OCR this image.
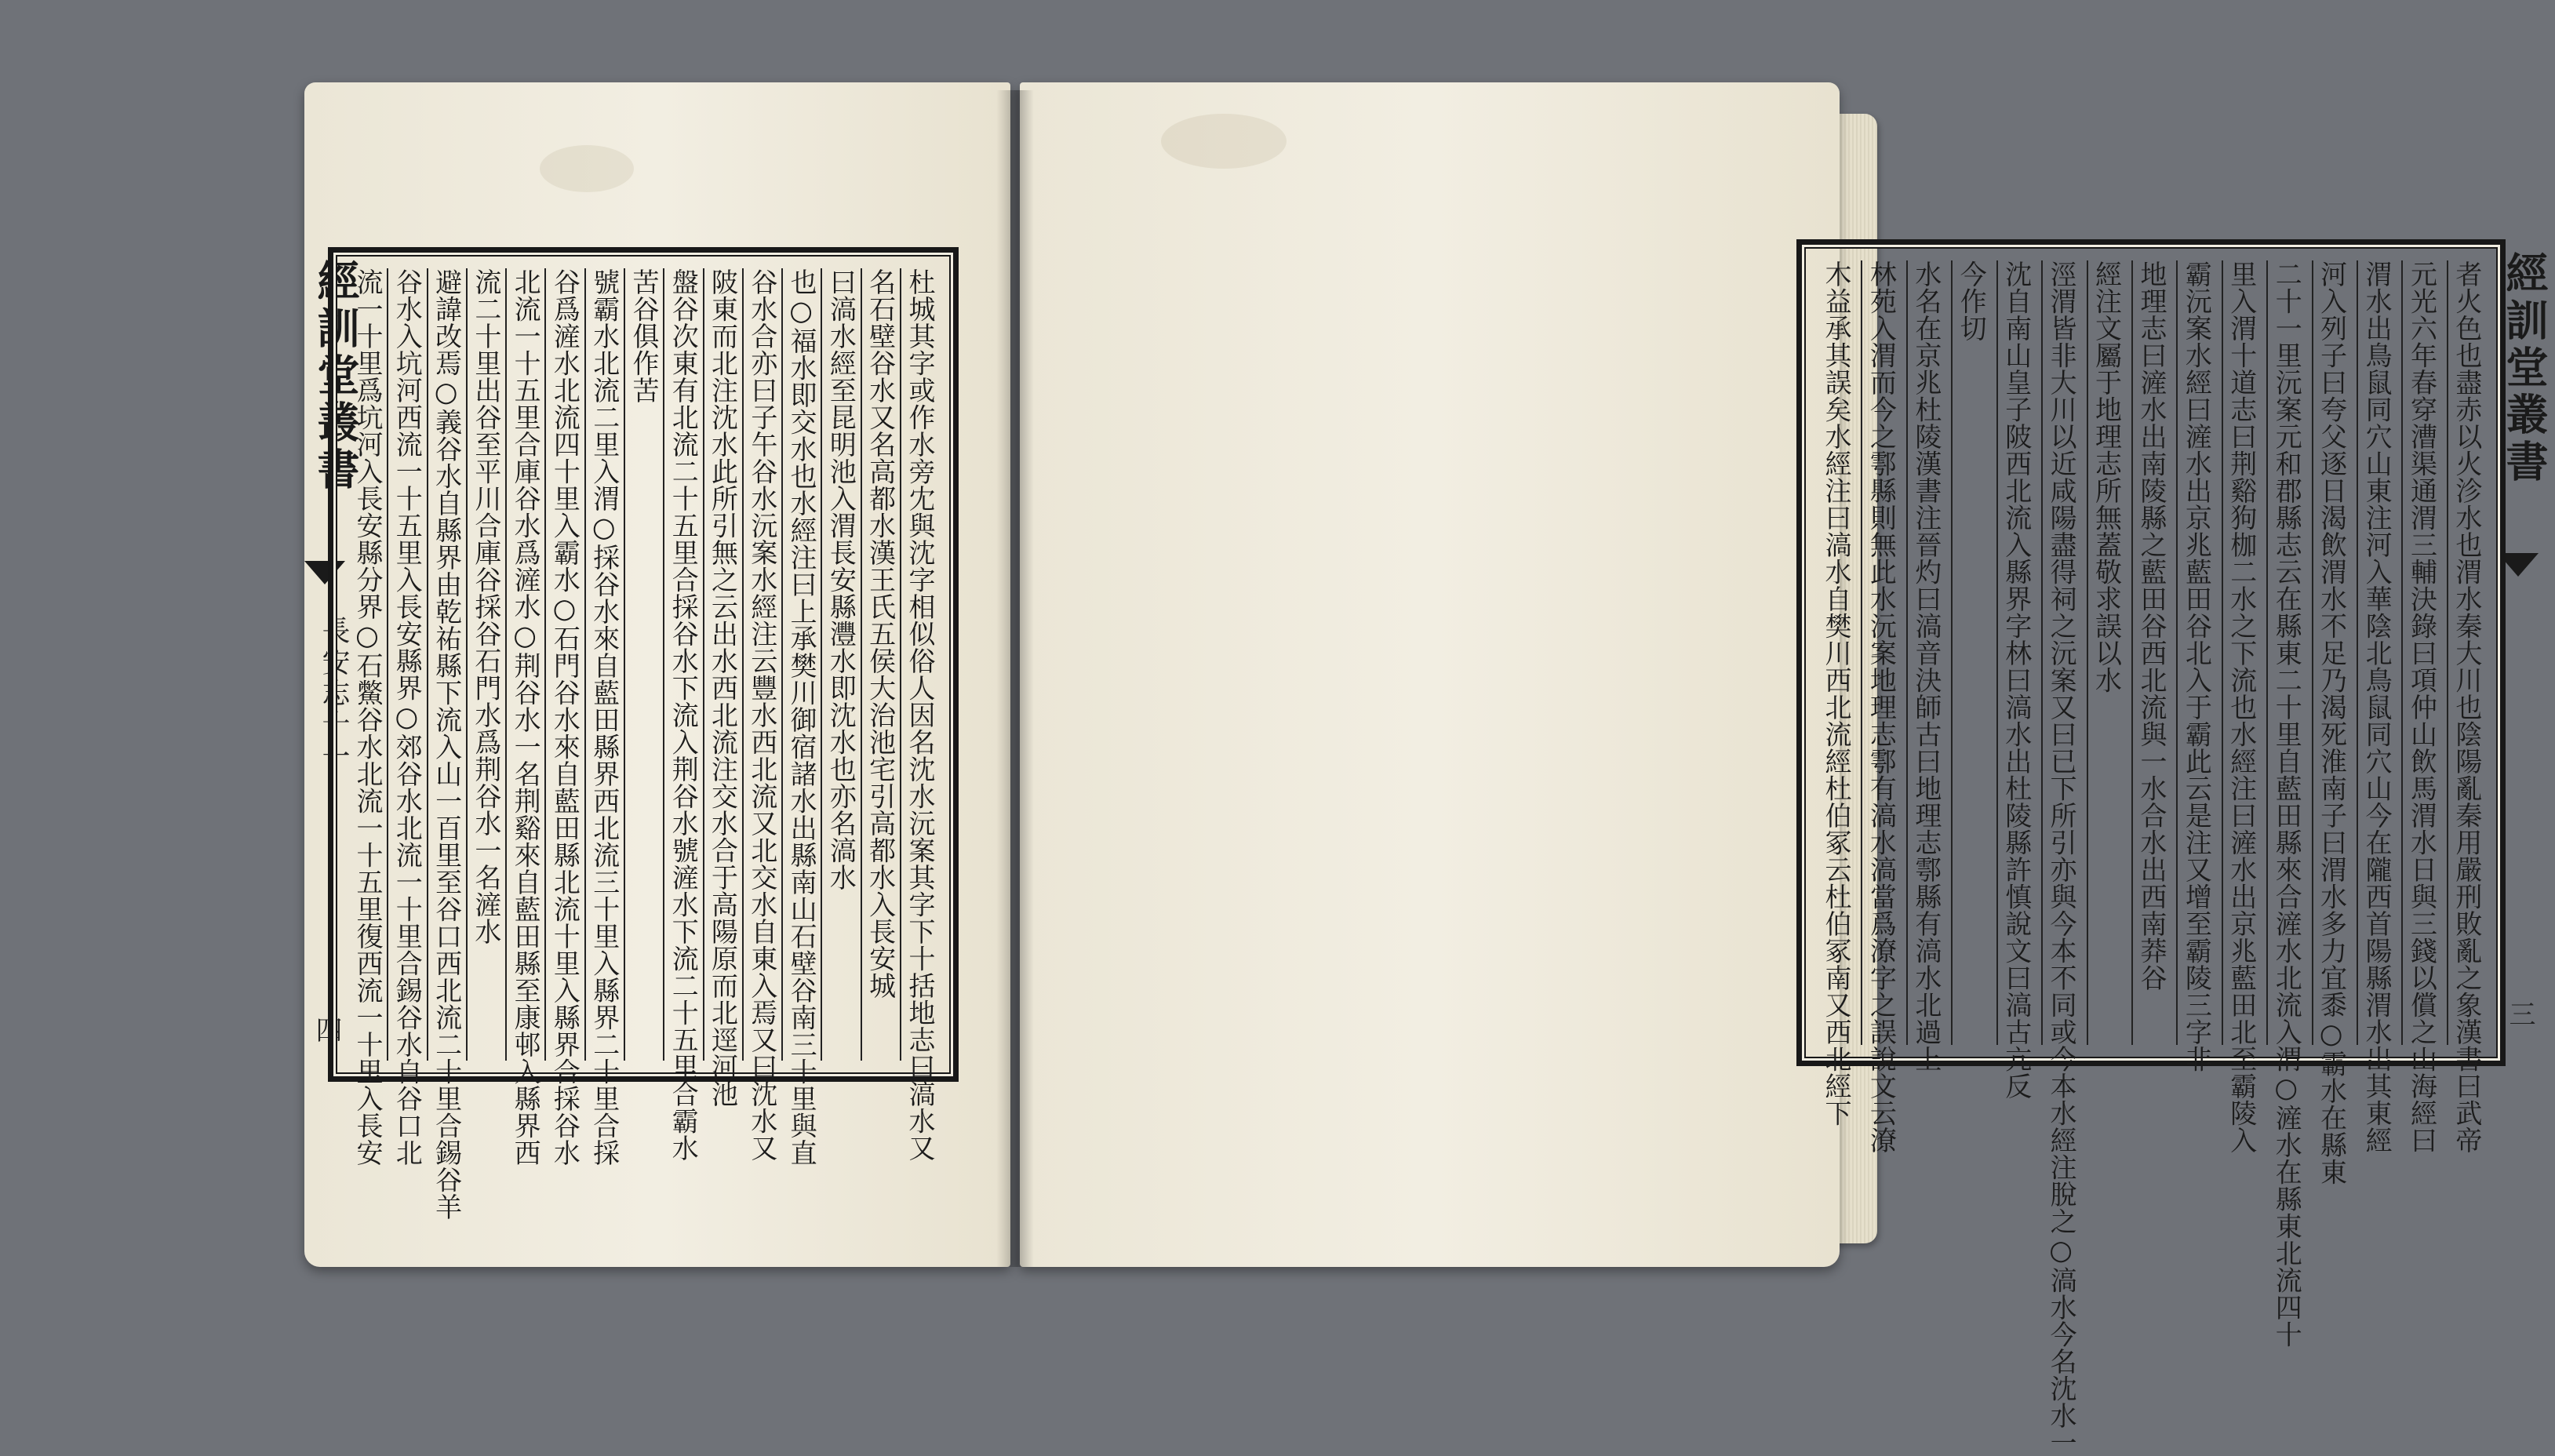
經訓堂叢書
長安志十一
四	杜城其字或作水旁冘與沈字相似俗人因名沈水沅案其字下十括地志曰滈水又
名石壁谷水又名高都水漢王氏五侯大治池宅引高都水入長安城
曰滈水經至昆明池入渭長安縣灃水即沈水也亦名滈水
也○福水即交水也水經注曰上承樊川御宿諸水出縣南山石壁谷南三十里與直
谷水合亦曰子午谷水沅案水經注云豐水西北流又北交水自東入焉又曰沈水又
陂東而北注沈水此所引無之云出水西北流注交水合于高陽原而北逕河池
盤谷次東有北流二十五里合採谷水下流入荆谷水號滻水下流二十五里合霸水
苦谷俱作苦
號霸水北流二里入渭○採谷水來自藍田縣界西北流三十里入縣界二十里合採
谷爲滻水北流四十里入霸水○石門谷水來自藍田縣北流十里入縣界合採谷水
北流一十五里合庫谷水爲滻水○荆谷水一名荆谿來自藍田縣至康邨入縣界西
流二十里出谷至平川合庫谷採谷石門水爲荆谷水一名滻水
避諱改焉○義谷水自縣界由乾祐縣下流入山一百里至谷口西北流二十里合錫谷羊
谷水入坑河西流一十五里入長安縣界○郊谷水北流一十里合錫谷水自谷口北
流一十里爲坑河入長安縣分界○石鱉谷水北流一十五里復西流一十里入長安	經訓堂叢書
三
者火色也盡赤以火沴水也渭水秦大川也陰陽亂秦用嚴刑敗亂之象漢書曰武帝
元光六年春穿漕渠通渭三輔決錄曰項仲山飲馬渭水日與三錢以償之山海經曰
渭水出鳥鼠同穴山東注河入華陰北鳥鼠同穴山今在隴西首陽縣渭水出其東經
河入列子曰夸父逐日渴飲渭水不足乃渴死淮南子曰渭水多力宜黍○霸水在縣東
二十一里沅案元和郡縣志云在縣東二十里自藍田縣來合滻水北流入渭○滻水在縣東北流四十
里入渭十道志曰荆谿狗枷二水之下流也水經注曰滻水出京兆藍田北至霸陵入
霸沅案水經曰滻水出京兆藍田谷北入于霸此云是注又增至霸陵三字非
地理志曰滻水出南陵縣之藍田谷西北流與一水合水出西南莽谷
經注文屬于地理志所無蓋敬求誤以水
涇渭皆非大川以近咸陽盡得祠之沅案又曰已下所引亦與今本不同或今本水經注脫之○滈水今名沈水一
沈自南山皇子陂西北流入縣界字林曰滈水出杜陵縣許慎說文曰滈古亢反
今作切
水名在京兆杜陵漢書注晉灼曰滈音決師古曰地理志鄠縣有滈水北過上
林苑入渭而今之鄠縣則無此水沅案地理志鄠有滈水滈當爲潦字之誤說文云潦
木益承其誤矣水經注曰滈水自樊川西北流經杜伯冢云杜伯冢南又西北經下
